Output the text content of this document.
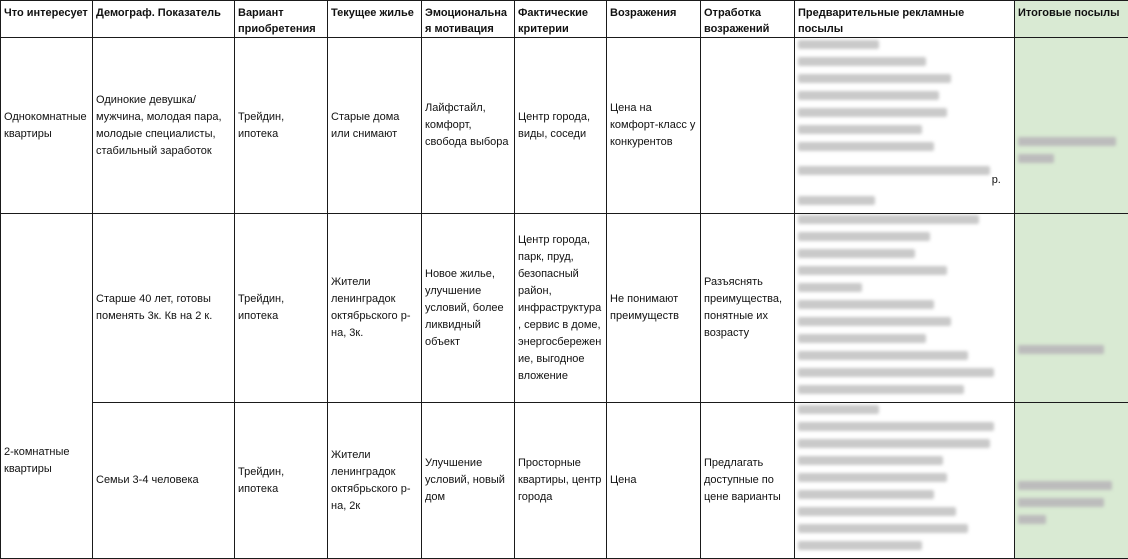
Что интересует	Демограф. Показатель	Вариант приобретения	Текущее жилье	Эмоциональная мотивация	Фактические критерии	Возражения	Отработка возражений	Предварительные рекламные посылы	Итоговые посылы
Однокомнатные квартиры	Одинокие девушка/мужчина, молодая пара, молодые специалисты, стабильный заработок	Трейдин, ипотека	Старые дома или снимают	Лайфстайл, комфорт, свобода выбора	Центр города, виды, соседи	Цена на комфорт-класс у конкурентов		р.	

2-комнатные квартиры	Старше 40 лет, готовы поменять 3к. Кв на 2 к.	Трейдин, ипотека	Жители ленинградок октябрьского р-на, 3к.	Новое жилье, улучшение условий, более ликвидный объект	Центр города, парк, пруд, безопасный район, инфраструктура, сервис в доме, энергосбережение, выгодное вложение	Не понимают преимуществ	Разъяснять преимущества, понятные их возрасту	

	Семьи 3-4 человека	Трейдин, ипотека	Жители ленинградок октябрьского р-на, 2к	Улучшение условий, новый дом	Просторные квартиры, центр города	Цена	Предлагать доступные по цене варианты	
